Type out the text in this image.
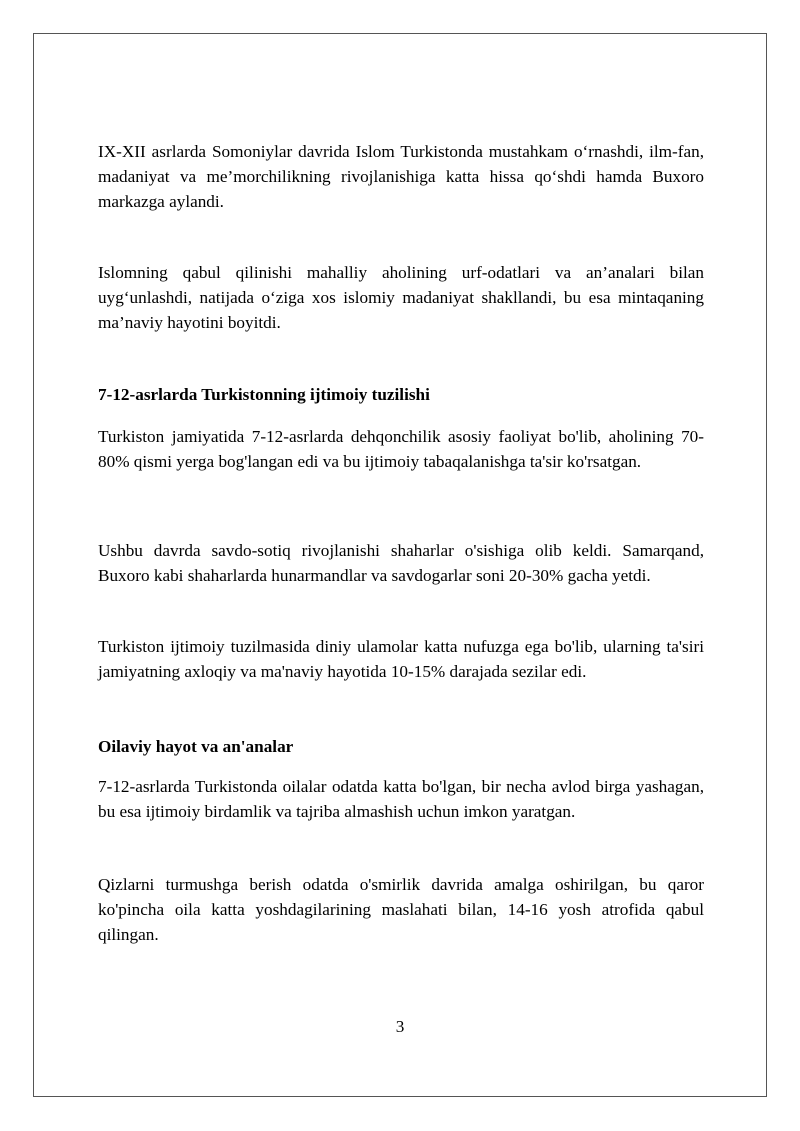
IX-XII asrlarda Somoniylar davrida Islom Turkistonda mustahkam o‘rnashdi, ilm-fan, madaniyat va me’morchilikning rivojlanishiga katta hissa qo‘shdi hamda Buxoro markazga aylandi.

Islomning qabul qilinishi mahalliy aholining urf-odatlari va an’analari bilan uyg‘unlashdi, natijada o‘ziga xos islomiy madaniyat shakllandi, bu esa mintaqaning ma’naviy hayotini boyitdi.

7-12-asrlarda Turkistonning ijtimoiy tuzilishi

Turkiston jamiyatida 7-12-asrlarda dehqonchilik asosiy faoliyat bo'lib, aholining 70-80% qismi yerga bog'langan edi va bu ijtimoiy tabaqalanishga ta'sir ko'rsatgan.

Ushbu davrda savdo-sotiq rivojlanishi shaharlar o'sishiga olib keldi. Samarqand, Buxoro kabi shaharlarda hunarmandlar va savdogarlar soni 20-30% gacha yetdi.

Turkiston ijtimoiy tuzilmasida diniy ulamolar katta nufuzga ega bo'lib, ularning ta'siri jamiyatning axloqiy va ma'naviy hayotida 10-15% darajada sezilar edi.

Oilaviy hayot va an'analar

7-12-asrlarda Turkistonda oilalar odatda katta bo'lgan, bir necha avlod birga yashagan, bu esa ijtimoiy birdamlik va tajriba almashish uchun imkon yaratgan.

Qizlarni turmushga berish odatda o'smirlik davrida amalga oshirilgan, bu qaror ko'pincha oila katta yoshdagilarining maslahati bilan, 14-16 yosh atrofida qabul qilingan.

3
